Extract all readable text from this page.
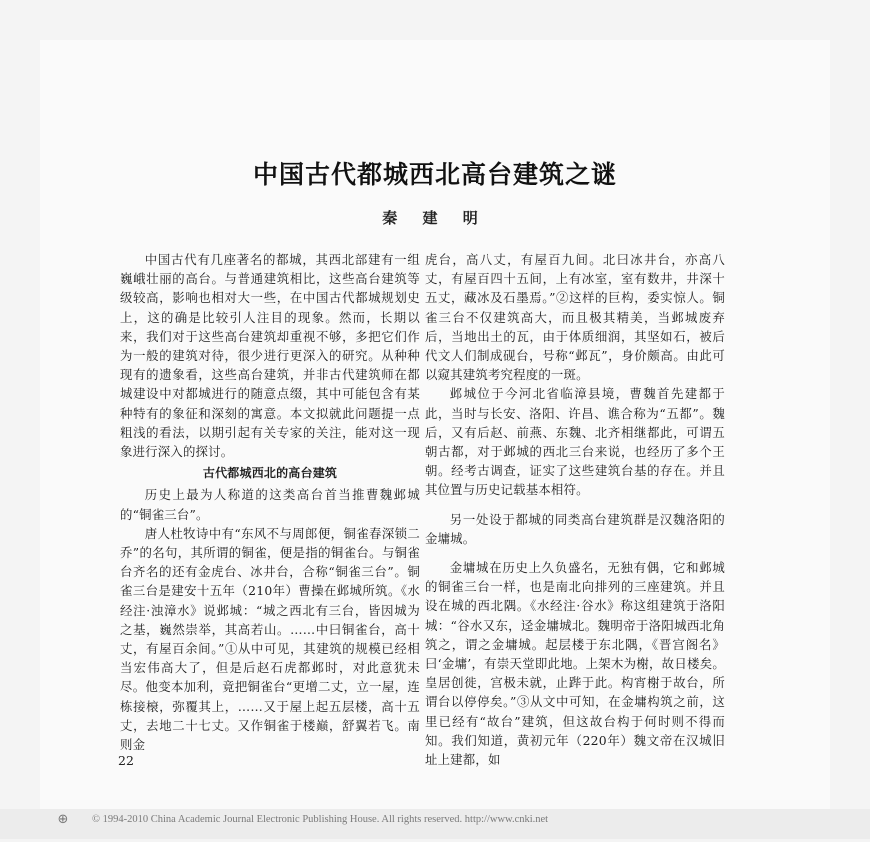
中国古代都城西北高台建筑之谜
秦 建 明

中国古代有几座著名的都城，其西北部建有一组巍峨壮丽的高台。与普通建筑相比，这些高台建筑等级较高，影响也相对大一些，在中国古代都城规划史上，这的确是比较引人注目的现象。然而，长期以来，我们对于这些高台建筑却重视不够，多把它们作为一般的建筑对待，很少进行更深入的研究。从种种现有的遗象看，这些高台建筑，并非古代建筑师在都城建设中对都城进行的随意点缀，其中可能包含有某种特有的象征和深刻的寓意。本文拟就此问题提一点粗浅的看法，以期引起有关专家的关注，能对这一现象进行深入的探讨。

古代都城西北的高台建筑

历史上最为人称道的这类高台首当推曹魏邺城的“铜雀三台”。

唐人杜牧诗中有“东风不与周郎便，铜雀春深锁二乔”的名句，其所谓的铜雀，便是指的铜雀台。与铜雀台齐名的还有金虎台、冰井台，合称“铜雀三台”。铜雀三台是建安十五年（210年）曹操在邺城所筑。《水经注·浊漳水》说邺城：“城之西北有三台，皆因城为之基，巍然崇举，其高若山。……中曰铜雀台，高十丈，有屋百余间。”①从中可见，其建筑的规模已经相当宏伟高大了，但是后赵石虎都邺时，对此意犹未尽。他变本加利，竟把铜雀台“更增二丈，立一屋，连栋接榱，弥覆其上，……又于屋上起五层楼，高十五丈，去地二十七丈。又作铜雀于楼巅，舒翼若飞。南则金

虎台，高八丈，有屋百九间。北曰冰井台，亦高八丈，有屋百四十五间，上有冰室，室有数井，井深十五丈，藏冰及石墨焉。”②这样的巨构，委实惊人。铜雀三台不仅建筑高大，而且极其精美，当邺城废弃后，当地出土的瓦，由于体质细润，其坚如石，被后代文人们制成砚台，号称“邺瓦”，身价颇高。由此可以窥其建筑考究程度的一斑。

邺城位于今河北省临漳县境，曹魏首先建都于此，当时与长安、洛阳、许昌、谯合称为“五都”。魏后，又有后赵、前燕、东魏、北齐相继都此，可谓五朝古都，对于邺城的西北三台来说，也经历了多个王朝。经考古调查，证实了这些建筑台基的存在。并且其位置与历史记载基本相符。

另一处设于都城的同类高台建筑群是汉魏洛阳的金墉城。

金墉城在历史上久负盛名，无独有偶，它和邺城的铜雀三台一样，也是南北向排列的三座建筑。并且设在城的西北隅。《水经注·谷水》称这组建筑于洛阳城：“谷水又东，迳金墉城北。魏明帝于洛阳城西北角筑之，谓之金墉城。起层楼于东北隅，《晋宫阁名》曰‘金墉’，有崇天堂即此地。上架木为榭，故日楼矣。皇居创徙，宫极未就，止跸于此。构宵榭于故台，所谓台以停停矣。”③从文中可知，在金墉构筑之前，这里已经有“故台”建筑，但这故台构于何时则不得而知。我们知道，黄初元年（220年）魏文帝在汉城旧址上建都，如

22
⊕	© 1994-2010 China Academic Journal Electronic Publishing House. All rights reserved. http://www.cnki.net
